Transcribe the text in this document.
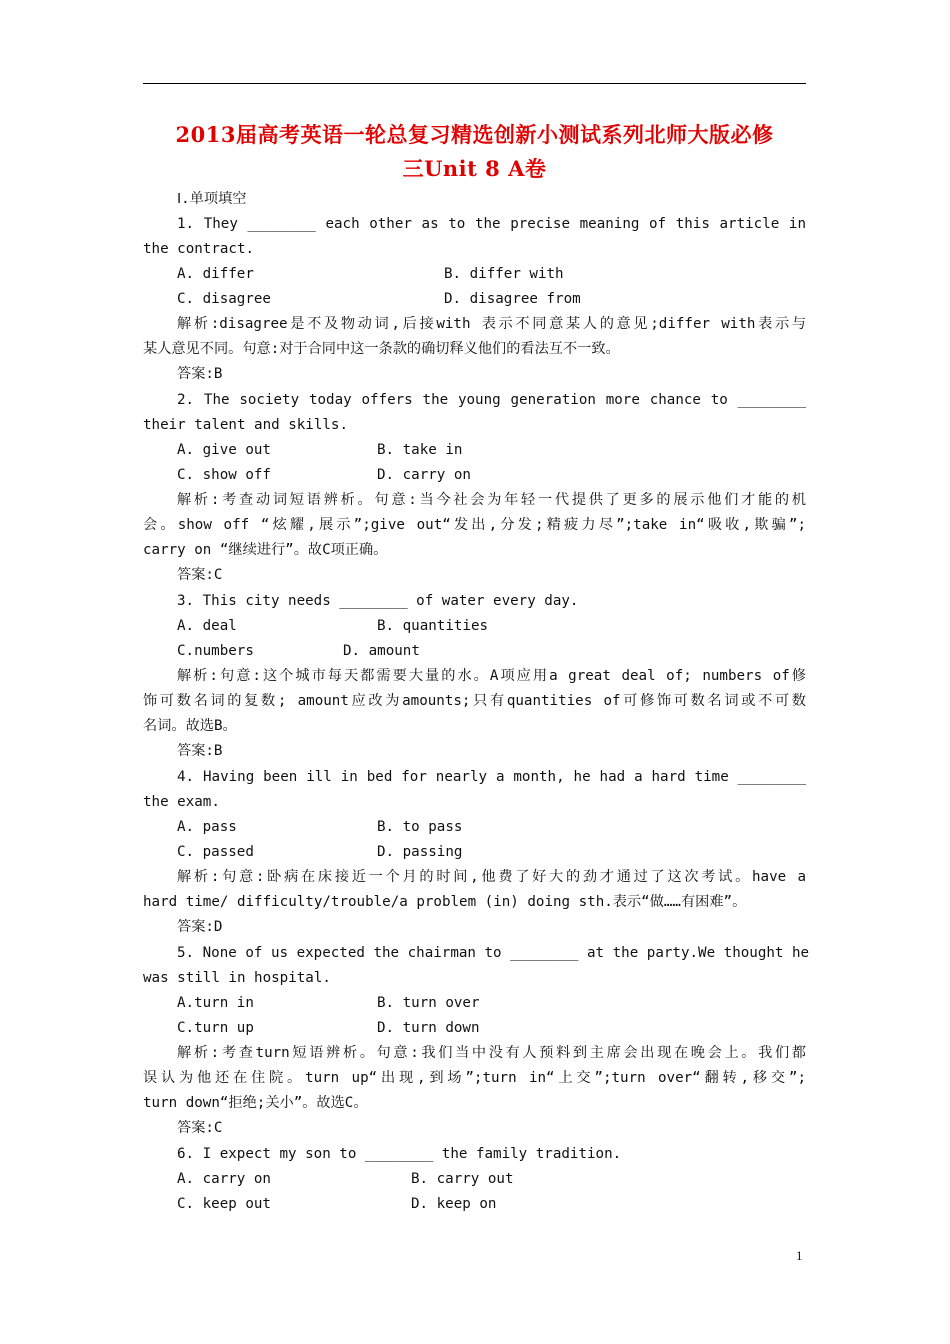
2013届高考英语一轮总复习精选创新小测试系列北师大版必修
三Unit 8 A卷
Ⅰ.单项填空
1. They ________ each other as to the precise meaning of this article in
the contract.
A. differ	B. differ with
C. disagree	D. disagree from
解析:disagree是不及物动词,后接with 表示不同意某人的意见;differ with表示与
某人意见不同。句意:对于合同中这一条款的确切释义他们的看法互不一致。
答案:B
2. The society today offers the young generation more chance to ________
their talent and skills.
A. give out	B. take in
C. show off	D. carry on
解析:考查动词短语辨析。句意:当今社会为年轻一代提供了更多的展示他们才能的机
会。show off “炫耀,展示”;give out“发出,分发;精疲力尽”;take in“吸收,欺骗”;
carry on “继续进行”。故C项正确。
答案:C
3. This city needs ________ of water every day.
A. deal	B. quantities
C.numbers	D. amount
解析:句意:这个城市每天都需要大量的水。A项应用a great deal of; numbers of修
饰可数名词的复数; amount应改为amounts;只有quantities of可修饰可数名词或不可数
名词。故选B。
答案:B
4. Having been ill in bed for nearly a month, he had a hard time ________
the exam.
A. pass	B. to pass
C. passed	D. passing
解析:句意:卧病在床接近一个月的时间,他费了好大的劲才通过了这次考试。have a
hard time/ difficulty/trouble/a problem (in) doing sth.表示“做……有困难”。
答案:D
5. None of us expected the chairman to ________ at the party.We thought he
was still in hospital.
A.turn in	B. turn over
C.turn up	D. turn down
解析:考查turn短语辨析。句意:我们当中没有人预料到主席会出现在晚会上。我们都
误认为他还在住院。turn up“出现,到场”;turn in“上交”;turn over“翻转,移交”;
turn down“拒绝;关小”。故选C。
答案:C
6. I expect my son to ________ the family tradition.
A. carry on	B. carry out
C. keep out	D. keep on
1
